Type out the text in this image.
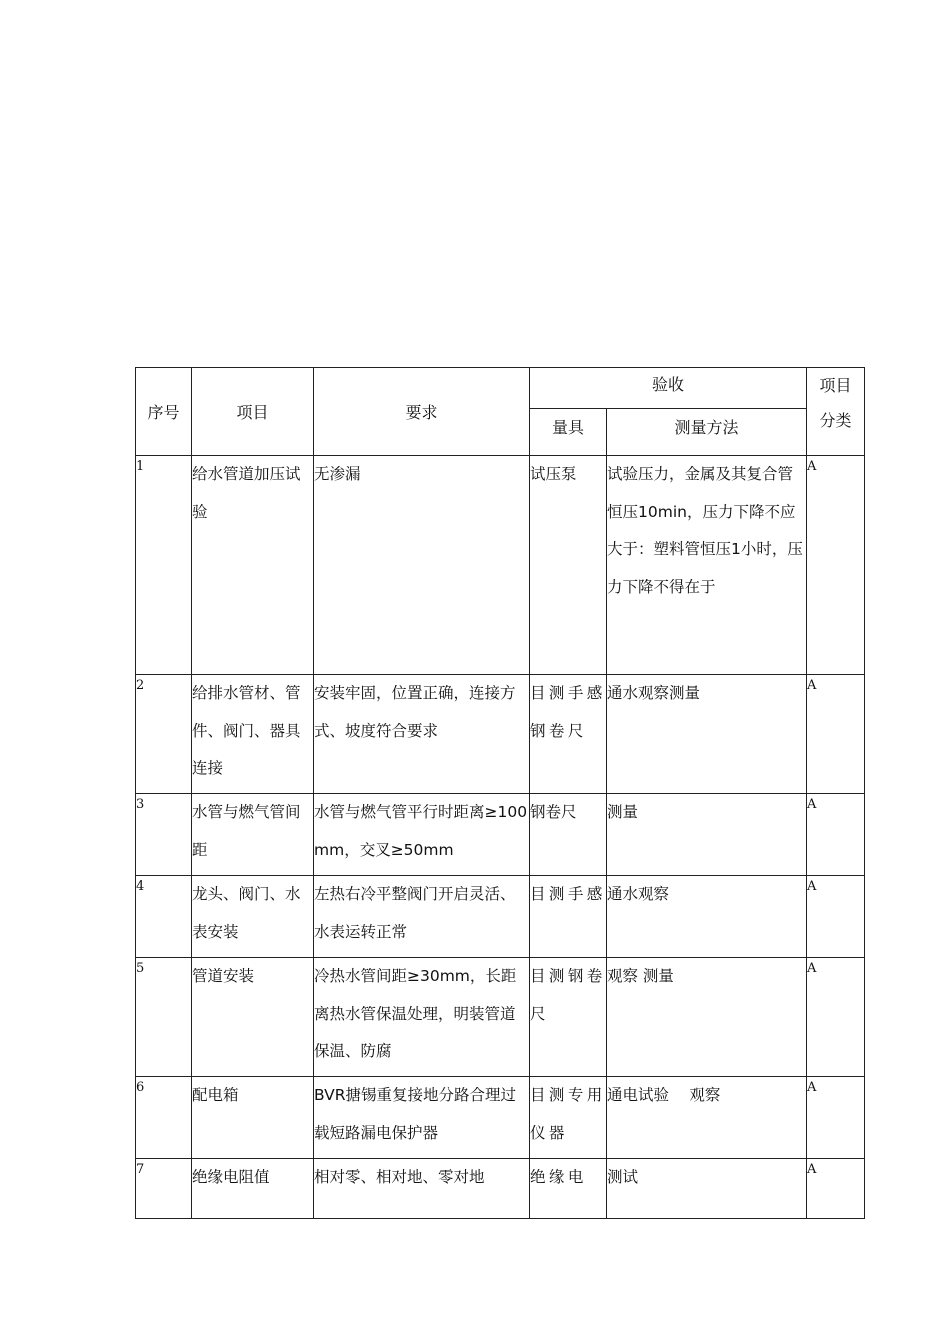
序号	项目	要求	验收		项目
分类

			量具	测量方法	
1	给水管道加压试验	无渗漏	试压泵	试验压力，金属及其复合管恒压10min，压力下降不应大于：塑料管恒压1小时，压力下降不得在于	A
2	给排水管材、管件、阀门、器具连接	安装牢固，位置正确，连接方式、坡度符合要求	目测手感钢卷尺	通水观察测量	A
3	水管与燃气管间距	水管与燃气管平行时距离≥100mm，交叉≥50mm	钢卷尺	测量	A
4	龙头、阀门、水表安装	左热右冷平整阀门开启灵活、水表运转正常	目测手感	通水观察	A
5	管道安装	冷热水管间距≥30mm，长距离热水管保温处理，明装管道保温、防腐	目测钢卷尺	观察 测量	A
6	配电箱	BVR搪锡重复接地分路合理过载短路漏电保护器	目测专用仪器	通电试验　 观察	A
7	绝缘电阻值	相对零、相对地、零对地	绝缘电	测试	A
